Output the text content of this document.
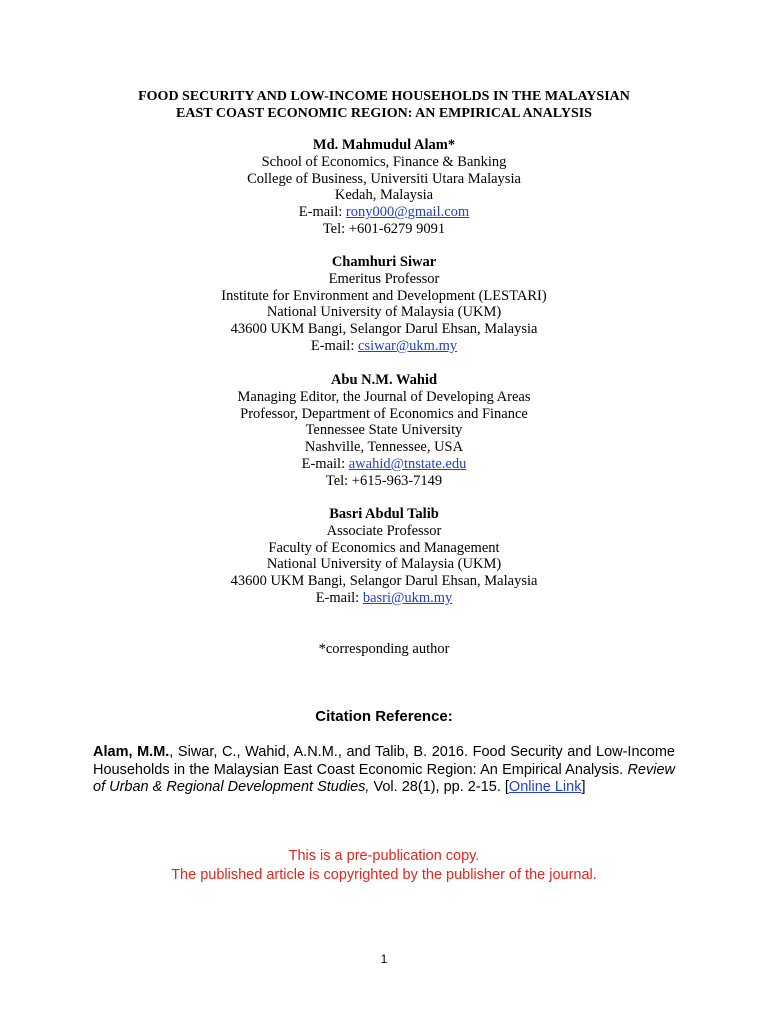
FOOD SECURITY AND LOW-INCOME HOUSEHOLDS IN THE MALAYSIAN
EAST COAST ECONOMIC REGION: AN EMPIRICAL ANALYSIS
Md. Mahmudul Alam*
School of Economics, Finance & Banking
College of Business, Universiti Utara Malaysia
Kedah, Malaysia
E-mail: rony000@gmail.com
Tel: +601-6279 9091
Chamhuri Siwar
Emeritus Professor
Institute for Environment and Development (LESTARI)
National University of Malaysia (UKM)
43600 UKM Bangi, Selangor Darul Ehsan, Malaysia
E-mail: csiwar@ukm.my
Abu N.M. Wahid
Managing Editor, the Journal of Developing Areas
Professor, Department of Economics and Finance
Tennessee State University
Nashville, Tennessee, USA
E-mail: awahid@tnstate.edu
Tel: +615-963-7149
Basri Abdul Talib
Associate Professor
Faculty of Economics and Management
National University of Malaysia (UKM)
43600 UKM Bangi, Selangor Darul Ehsan, Malaysia
E-mail: basri@ukm.my
*corresponding author
Citation Reference:
Alam, M.M., Siwar, C., Wahid, A.N.M., and Talib, B. 2016. Food Security and Low-Income Households in the Malaysian East Coast Economic Region: An Empirical Analysis. Review of Urban & Regional Development Studies, Vol. 28(1), pp. 2-15. [Online Link]
This is a pre-publication copy.
The published article is copyrighted by the publisher of the journal.
1
